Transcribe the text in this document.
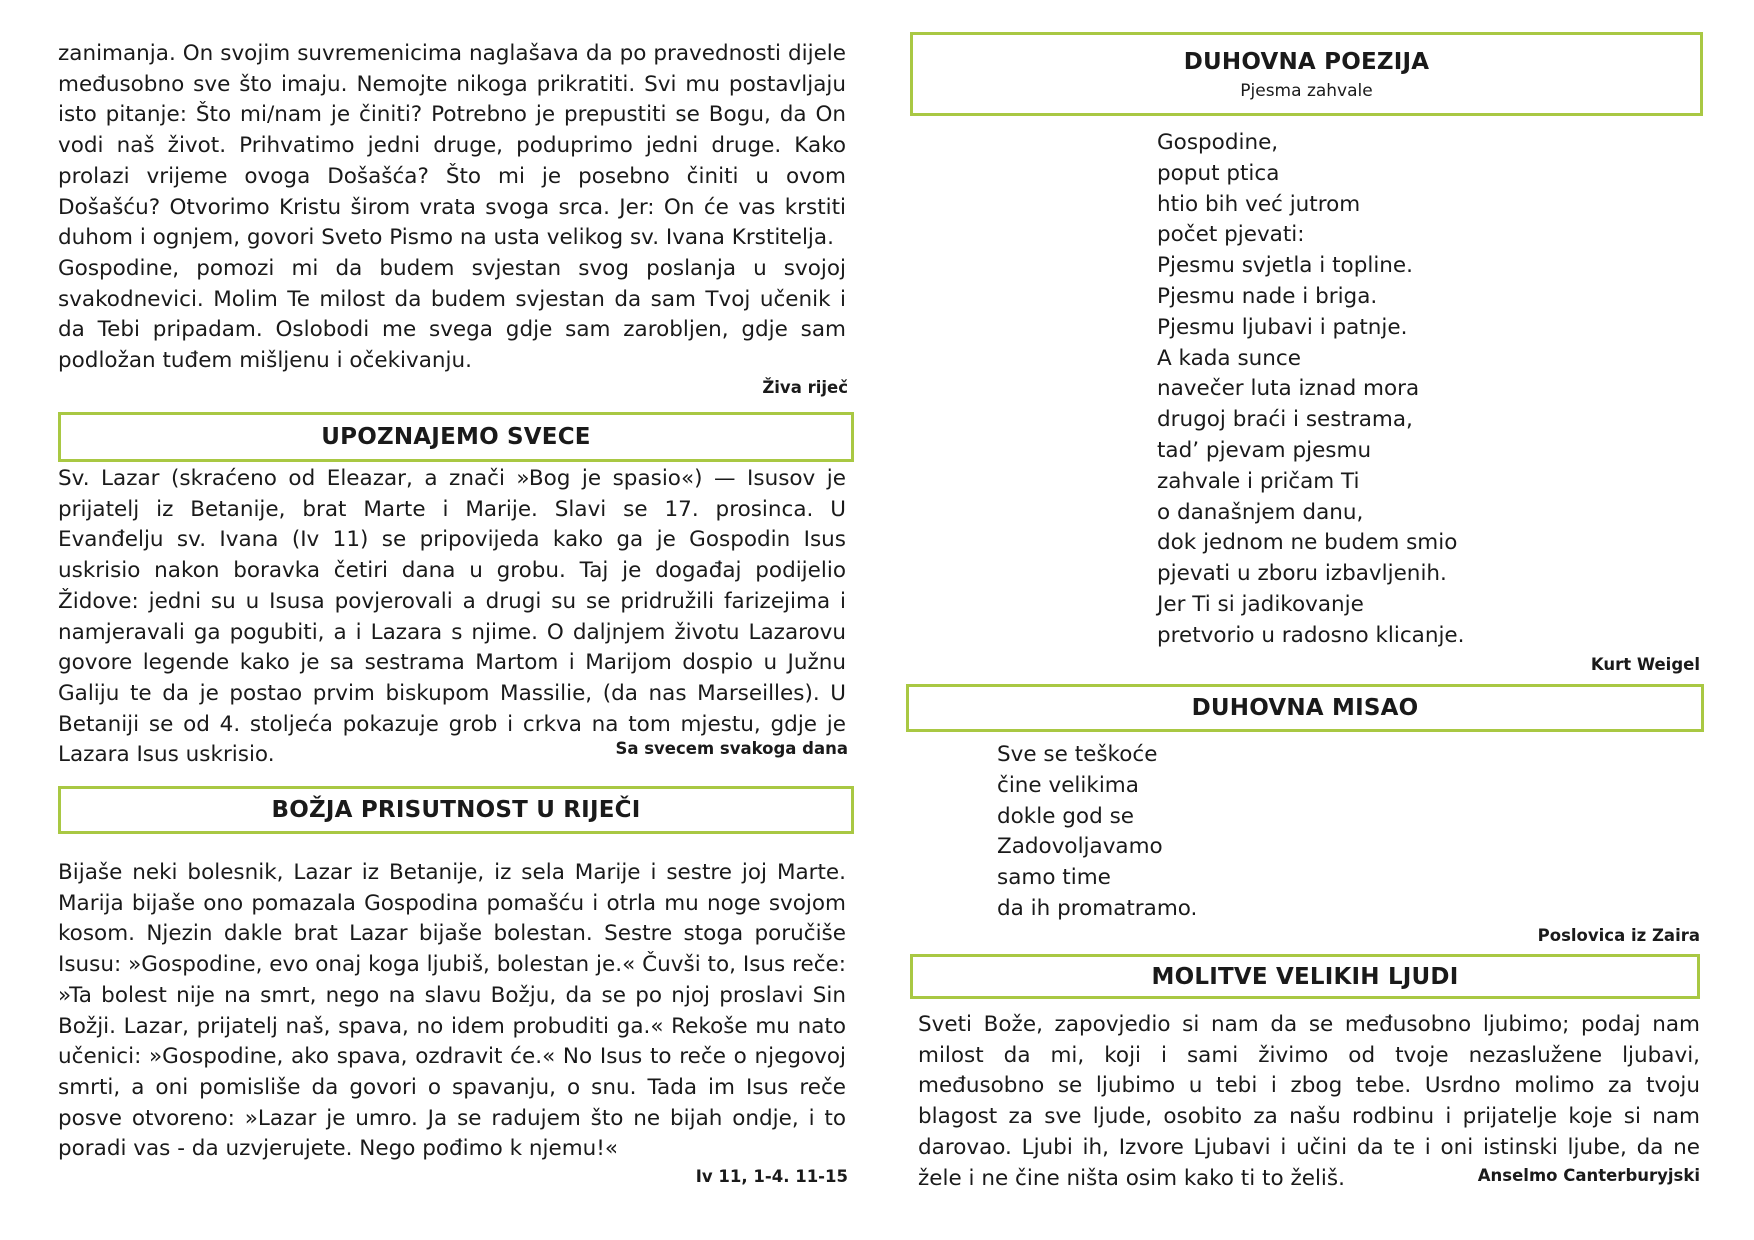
zanimanja. On svojim suvremenicima naglašava da po pravednosti dijele međusobno sve što imaju. Nemojte nikoga prikratiti. Svi mu postavljaju isto pitanje: Što mi/nam je činiti? Potrebno je prepustiti se Bogu, da On vodi naš život. Prihvatimo jedni druge, poduprimo jedni druge. Kako prolazi vrijeme ovoga Došašća? Što mi je posebno činiti u ovom Došašću? Otvorimo Kristu širom vrata svoga srca. Jer: On će vas krstiti duhom i ognjem, govori Sveto Pismo na usta velikog sv. Ivana Krstitelja.

Gospodine, pomozi mi da budem svjestan svog poslanja u svojoj svakodnevici. Molim Te milost da budem svjestan da sam Tvoj učenik i da Tebi pripadam. Oslobodi me svega gdje sam zarobljen, gdje sam podložan tuđem mišljenu i očekivanju.

Živa riječ
UPOZNAJEMO SVECE

Sv. Lazar (skraćeno od Eleazar, a znači »Bog je spasio«) — Isusov je prijatelj iz Betanije, brat Marte i Marije. Slavi se 17. prosinca. U Evanđelju sv. Ivana (Iv 11) se pripovijeda kako ga je Gospodin Isus uskrisio nakon boravka četiri dana u grobu. Taj je događaj podijelio Židove: jedni su u Isusa povjerovali a drugi su se pridružili farizejima i namjeravali ga pogubiti, a i Lazara s njime. O daljnjem životu Lazarovu govore legende kako je sa sestrama Martom i Marijom dospio u Južnu Galiju te da je postao prvim biskupom Massilie, (da nas Marseilles). U Betaniji se od 4. stoljeća pokazuje grob i crkva na tom mjestu, gdje je Lazara Isus uskrisio.	Sa svecem svakoga dana
BOŽJA PRISUTNOST U RIJEČI

Bijaše neki bolesnik, Lazar iz Betanije, iz sela Marije i sestre joj Marte. Marija bijaše ono pomazala Gospodina pomašću i otrla mu noge svojom kosom. Njezin dakle brat Lazar bijaše bolestan. Sestre stoga poručiše Isusu: »Gospodine, evo onaj koga ljubiš, bolestan je.« Čuvši to, Isus reče: »Ta bolest nije na smrt, nego na slavu Božju, da se po njoj proslavi Sin Božji. Lazar, prijatelj naš, spava, no idem probuditi ga.« Rekoše mu nato učenici: »Gospodine, ako spava, ozdravit će.« No Isus to reče o njegovoj smrti, a oni pomisliše da govori o spavanju, o snu. Tada im Isus reče posve otvoreno: »Lazar je umro. Ja se radujem što ne bijah ondje, i to poradi vas - da uzvjerujete. Nego pođimo k njemu!«

Iv 11, 1-4. 11-15
DUHOVNA POEZIJA
Pjesma zahvale
Gospodine,
poput ptica
htio bih već jutrom
počet pjevati:
Pjesmu svjetla i topline.
Pjesmu nade i briga.
Pjesmu ljubavi i patnje.
A kada sunce
navečer luta iznad mora
drugoj braći i sestrama,
tad’ pjevam pjesmu
zahvale i pričam Ti
o današnjem danu,
dok jednom ne budem smio
pjevati u zboru izbavljenih.
Jer Ti si jadikovanje
pretvorio u radosno klicanje.
Kurt Weigel
DUHOVNA MISAO
Sve se teškoće
čine velikima
dokle god se
Zadovoljavamo
samo time
da ih promatramo.
Poslovica iz Zaira
MOLITVE VELIKIH LJUDI

Sveti Bože, zapovjedio si nam da se međusobno ljubimo; podaj nam milost da mi, koji i sami živimo od tvoje nezaslužene ljubavi, međusobno se ljubimo u tebi i zbog tebe. Usrdno molimo za tvoju blagost za sve ljude, osobito za našu rodbinu i prijatelje koje si nam darovao. Ljubi ih, Izvore Ljubavi i učini da te i oni istinski ljube, da ne žele i ne čine ništa osim kako ti to želiš.	Anselmo Canterburyjski
